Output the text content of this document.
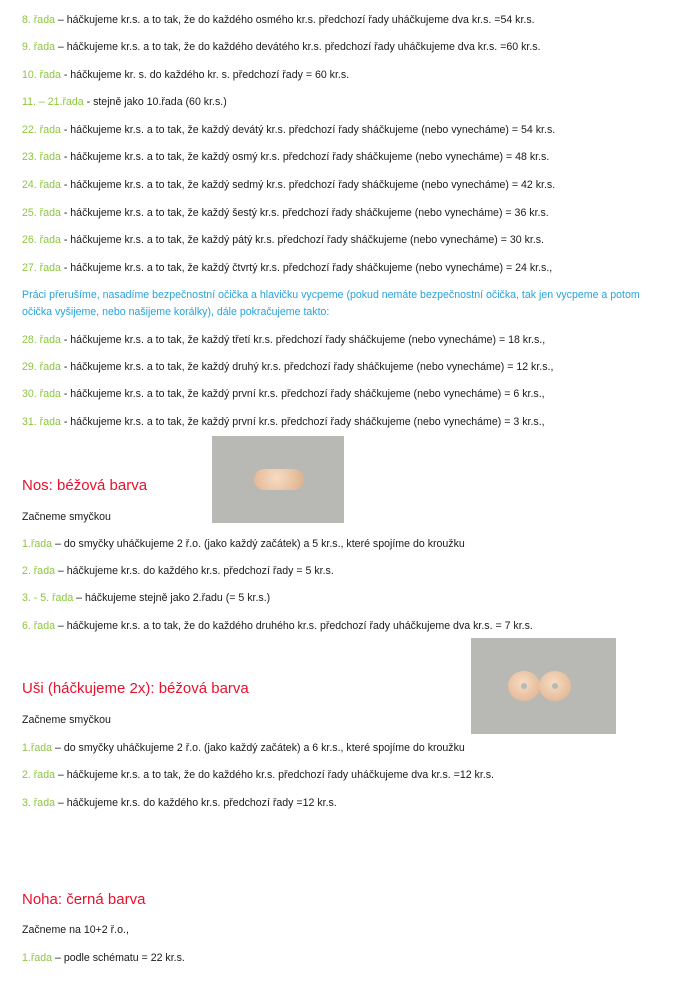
8. řada – háčkujeme kr.s. a to tak, že do každého osmého kr.s. předchozí řady uháčkujeme dva kr.s. =54 kr.s.
9. řada – háčkujeme kr.s. a to tak, že do každého devátého kr.s. předchozí řady uháčkujeme dva kr.s. =60 kr.s.
10. řada - háčkujeme kr. s. do každého kr. s. předchozí řady = 60 kr.s.
11. – 21.řada - stejně jako 10.řada (60 kr.s.)
22. řada - háčkujeme kr.s. a to tak, že každý devátý kr.s. předchozí řady sháčkujeme (nebo vynecháme) = 54 kr.s.
23. řada - háčkujeme kr.s. a to tak, že každý osmý kr.s. předchozí řady sháčkujeme (nebo vynecháme) = 48 kr.s.
24. řada - háčkujeme kr.s. a to tak, že každý sedmý kr.s. předchozí řady sháčkujeme (nebo vynecháme) = 42 kr.s.
25. řada - háčkujeme kr.s. a to tak, že každý šestý kr.s. předchozí řady sháčkujeme (nebo vynecháme) = 36 kr.s.
26. řada - háčkujeme kr.s. a to tak, že každý pátý kr.s. předchozí řady sháčkujeme (nebo vynecháme) = 30 kr.s.
27. řada - háčkujeme kr.s. a to tak, že každý čtvrtý kr.s. předchozí řady sháčkujeme (nebo vynecháme) = 24 kr.s.,
Práci přerušíme, nasadíme bezpečnostní očička a hlavičku vycpeme (pokud nemáte bezpečnostní očička, tak jen vycpeme a potom očička vyšijeme, nebo našijeme korálky), dále pokračujeme takto:
28. řada - háčkujeme kr.s. a to tak, že každý třetí kr.s. předchozí řady sháčkujeme (nebo vynecháme) = 18 kr.s.,
29. řada - háčkujeme kr.s. a to tak, že každý druhý kr.s. předchozí řady sháčkujeme (nebo vynecháme) = 12 kr.s.,
30. řada - háčkujeme kr.s. a to tak, že každý první kr.s. předchozí řady sháčkujeme (nebo vynecháme) = 6 kr.s.,
31. řada - háčkujeme kr.s. a to tak, že každý první kr.s. předchozí řady sháčkujeme (nebo vynecháme) = 3 kr.s.,
Nos: béžová barva
Začneme smyčkou
1.řada – do smyčky uháčkujeme 2 ř.o. (jako každý začátek) a 5 kr.s., které spojíme do kroužku
2. řada – háčkujeme kr.s. do každého kr.s. předchozí řady = 5 kr.s.
3. - 5. řada – háčkujeme stejně jako 2.řadu (= 5 kr.s.)
6. řada – háčkujeme kr.s. a to tak, že do každého druhého kr.s. předchozí řady uháčkujeme dva kr.s. = 7 kr.s.
Uši (háčkujeme 2x): béžová barva
Začneme smyčkou
1.řada – do smyčky uháčkujeme 2 ř.o. (jako každý začátek) a 6 kr.s., které spojíme do kroužku
2. řada – háčkujeme kr.s. a to tak, že do každého kr.s. předchozí řady uháčkujeme dva kr.s. =12 kr.s.
3. řada – háčkujeme kr.s. do každého kr.s. předchozí řady =12 kr.s.
Noha: černá barva
Začneme na 10+2 ř.o.,
1.řada – podle schématu = 22 kr.s.
